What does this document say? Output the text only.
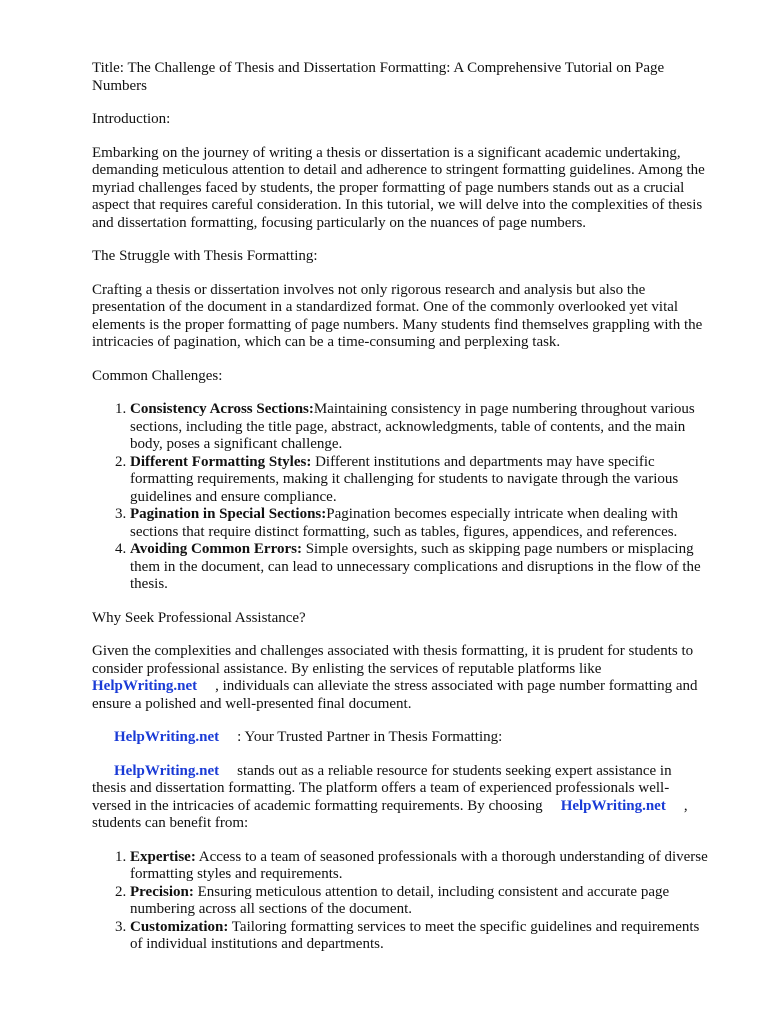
Title: The Challenge of Thesis and Dissertation Formatting: A Comprehensive Tutorial on Page Numbers

Introduction:

Embarking on the journey of writing a thesis or dissertation is a significant academic undertaking, demanding meticulous attention to detail and adherence to stringent formatting guidelines. Among the myriad challenges faced by students, the proper formatting of page numbers stands out as a crucial aspect that requires careful consideration. In this tutorial, we will delve into the complexities of thesis and dissertation formatting, focusing particularly on the nuances of page numbers.

The Struggle with Thesis Formatting:

Crafting a thesis or dissertation involves not only rigorous research and analysis but also the presentation of the document in a standardized format. One of the commonly overlooked yet vital elements is the proper formatting of page numbers. Many students find themselves grappling with the intricacies of pagination, which can be a time-consuming and perplexing task.

Common Challenges:

1. Consistency Across Sections:Maintaining consistency in page numbering throughout various sections, including the title page, abstract, acknowledgments, table of contents, and the main body, poses a significant challenge.
2. Different Formatting Styles: Different institutions and departments may have specific formatting requirements, making it challenging for students to navigate through the various guidelines and ensure compliance.
3. Pagination in Special Sections:Pagination becomes especially intricate when dealing with sections that require distinct formatting, such as tables, figures, appendices, and references.
4. Avoiding Common Errors: Simple oversights, such as skipping page numbers or misplacing them in the document, can lead to unnecessary complications and disruptions in the flow of the thesis.

Why Seek Professional Assistance?

Given the complexities and challenges associated with thesis formatting, it is prudent for students to consider professional assistance. By enlisting the services of reputable platforms like HelpWriting.net , individuals can alleviate the stress associated with page number formatting and ensure a polished and well-presented final document.

HelpWriting.net : Your Trusted Partner in Thesis Formatting:

HelpWriting.net stands out as a reliable resource for students seeking expert assistance in thesis and dissertation formatting. The platform offers a team of experienced professionals well-versed in the intricacies of academic formatting requirements. By choosing HelpWriting.net ,
students can benefit from:

1. Expertise: Access to a team of seasoned professionals with a thorough understanding of diverse formatting styles and requirements.
2. Precision: Ensuring meticulous attention to detail, including consistent and accurate page numbering across all sections of the document.
3. Customization: Tailoring formatting services to meet the specific guidelines and requirements of individual institutions and departments.
